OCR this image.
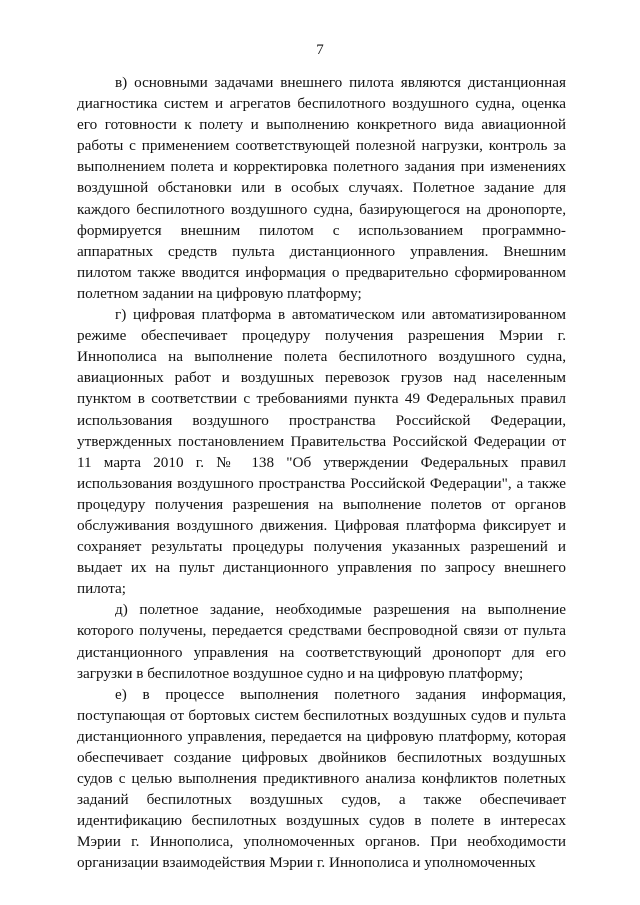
7

в) основными задачами внешнего пилота являются дистанционная диагностика систем и агрегатов беспилотного воздушного судна, оценка его готовности к полету и выполнению конкретного вида авиационной работы с применением соответствующей полезной нагрузки, контроль за выполнением полета и корректировка полетного задания при изменениях воздушной обстановки или в особых случаях. Полетное задание для каждого беспилотного воздушного судна, базирующегося на дронопорте, формируется внешним пилотом с использованием программно-аппаратных средств пульта дистанционного управления. Внешним пилотом также вводится информация о предварительно сформированном полетном задании на цифровую платформу;

г) цифровая платформа в автоматическом или автоматизированном режиме обеспечивает процедуру получения разрешения Мэрии г. Иннополиса на выполнение полета беспилотного воздушного судна, авиационных работ и воздушных перевозок грузов над населенным пунктом в соответствии с требованиями пункта 49 Федеральных правил использования воздушного пространства Российской Федерации, утвержденных постановлением Правительства Российской Федерации от 11 марта 2010 г. № 138 "Об утверждении Федеральных правил использования воздушного пространства Российской Федерации", а также процедуру получения разрешения на выполнение полетов от органов обслуживания воздушного движения. Цифровая платформа фиксирует и сохраняет результаты процедуры получения указанных разрешений и выдает их на пульт дистанционного управления по запросу внешнего пилота;

д) полетное задание, необходимые разрешения на выполнение которого получены, передается средствами беспроводной связи от пульта дистанционного управления на соответствующий дронопорт для его загрузки в беспилотное воздушное судно и на цифровую платформу;

е) в процессе выполнения полетного задания информация, поступающая от бортовых систем беспилотных воздушных судов и пульта дистанционного управления, передается на цифровую платформу, которая обеспечивает создание цифровых двойников беспилотных воздушных судов с целью выполнения предиктивного анализа конфликтов полетных заданий беспилотных воздушных судов, а также обеспечивает идентификацию беспилотных воздушных судов в полете в интересах Мэрии г. Иннополиса, уполномоченных органов. При необходимости организации взаимодействия Мэрии г. Иннополиса и уполномоченных
